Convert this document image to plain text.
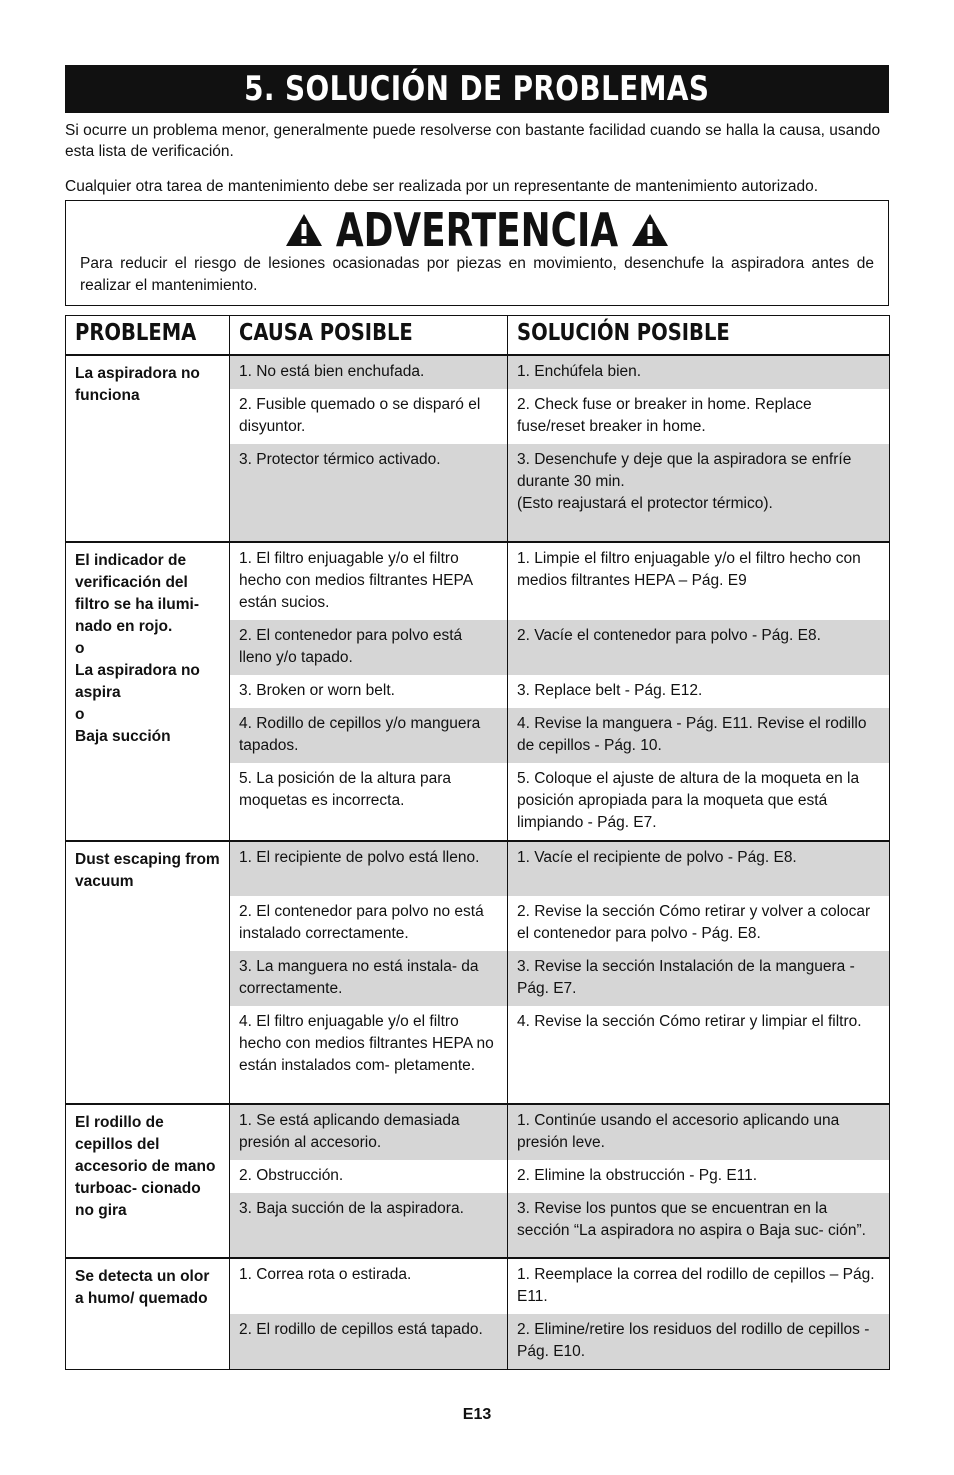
5. SOLUCIÓN DE PROBLEMAS

Si ocurre un problema menor, generalmente puede resolverse con bastante facilidad cuando se halla la causa, usando esta lista de verificación.

Cualquier otra tarea de mantenimiento debe ser realizada por un representante de mantenimiento autorizado.

ADVERTENCIA

Para reducir el riesgo de lesiones ocasionadas por piezas en movimiento, desenchufe la aspiradora antes de realizar el mantenimiento.

PROBLEMA	CAUSA POSIBLE	SOLUCIÓN POSIBLE
La aspiradora no funciona	1. No está bien enchufada.	1. Enchúfela bien.
	2. Fusible quemado o se disparó el disyuntor.	2. Check fuse or breaker in home. Replace
fuse/reset breaker in home.
	3. Protector térmico activado.	3. Desenchufe y deje que la aspiradora se enfríe durante 30 min.
(Esto reajustará el protector térmico).
El indicador de verificación del filtro se ha ilumi- nado en rojo.
o
La aspiradora no aspira
o
Baja succión	1. El filtro enjuagable y/o el filtro hecho con medios filtrantes HEPA están sucios.	1. Limpie el filtro enjuagable y/o el filtro hecho con medios filtrantes HEPA – Pág. E9
	2. El contenedor para polvo está lleno y/o tapado.	2. Vacíe el contenedor para polvo - Pág. E8.
	3. Broken or worn belt.	3. Replace belt - Pág. E12.
	4. Rodillo de cepillos y/o manguera tapados.	4. Revise la manguera - Pág. E11. Revise el rodillo de cepillos - Pág. 10.
	5. La posición de la altura para moquetas es incorrecta.	5. Coloque el ajuste de altura de la moqueta en la posición apropiada para la moqueta que está limpiando - Pág. E7.
Dust escaping from vacuum	1. El recipiente de polvo está lleno.	1. Vacíe el recipiente de polvo - Pág. E8.
	2. El contenedor para polvo no está instalado correctamente.	2. Revise la sección Cómo retirar y volver a colocar el contenedor para polvo - Pág. E8.
	3. La manguera no está instala- da correctamente.	3. Revise la sección Instalación de la manguera - Pág. E7.
	4. El filtro enjuagable y/o el filtro hecho con medios filtrantes HEPA no están instalados com- pletamente.	4. Revise la sección Cómo retirar y limpiar el filtro.
El rodillo de cepillos del accesorio de mano turboac- cionado no gira	1. Se está aplicando demasiada presión al accesorio.	1. Continúe usando el accesorio aplicando una presión leve.
	2. Obstrucción.	2. Elimine la obstrucción - Pg. E11.
	3. Baja succión de la aspiradora.	3. Revise los puntos que se encuentran en la sección “La aspiradora no aspira o Baja suc- ción”.
Se detecta un olor a humo/ quemado	1. Correa rota o estirada.	1. Reemplace la correa del rodillo de cepillos – Pág. E11.
	2. El rodillo de cepillos está tapado.	2. Elimine/retire los residuos del rodillo de cepillos - Pág. E10.
E13
